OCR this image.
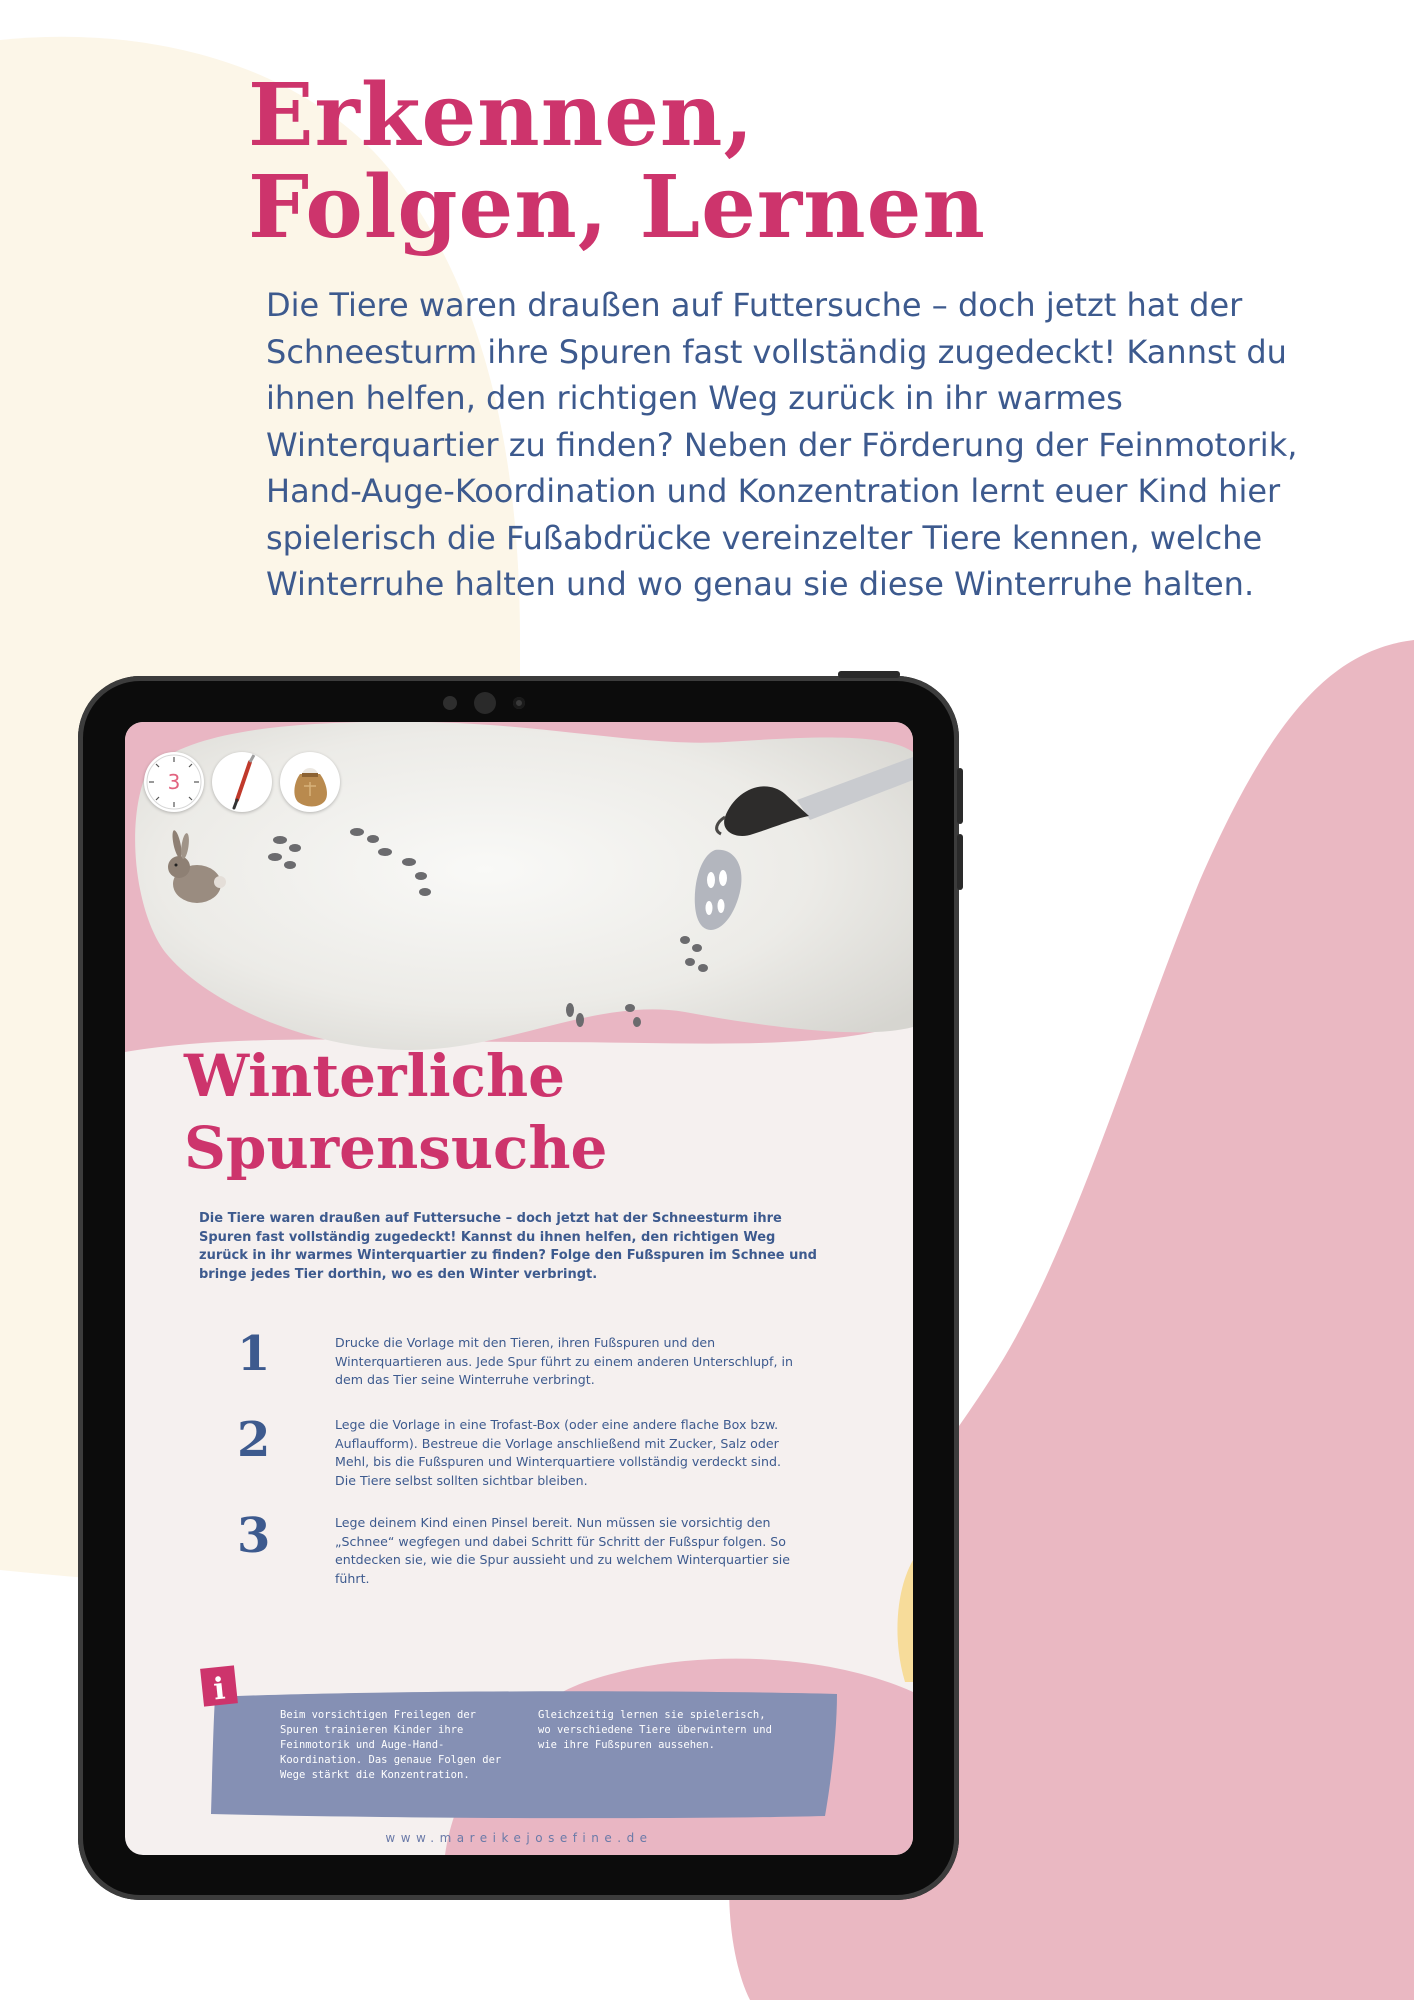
Erkennen,
Folgen, Lernen

Die Tiere waren draußen auf Futtersuche – doch jetzt hat der Schneesturm ihre Spuren fast vollständig zugedeckt! Kannst du ihnen helfen, den richtigen Weg zurück in ihr warmes Winterquartier zu finden? Neben der Förderung der Feinmotorik, Hand-Auge-Koordination und Konzentration lernt euer Kind hier spielerisch die Fußabdrücke vereinzelter Tiere kennen, welche Winterruhe halten und wo genau sie diese Winterruhe halten.

i
3
Winterliche
Spurensuche

Die Tiere waren draußen auf Futtersuche – doch jetzt hat der Schneesturm ihre Spuren fast vollständig zugedeckt! Kannst du ihnen helfen, den richtigen Weg zurück in ihr warmes Winterquartier zu finden? Folge den Fußspuren im Schnee und bringe jedes Tier dorthin, wo es den Winter verbringt.

1	Drucke die Vorlage mit den Tieren, ihren Fußspuren und den Winterquartieren aus. Jede Spur führt zu einem anderen Unterschlupf, in dem das Tier seine Winterruhe verbringt.

2	Lege die Vorlage in eine Trofast-Box (oder eine andere flache Box bzw. Auflaufform). Bestreue die Vorlage anschließend mit Zucker, Salz oder Mehl, bis die Fußspuren und Winterquartiere vollständig verdeckt sind. Die Tiere selbst sollten sichtbar bleiben.

3	Lege deinem Kind einen Pinsel bereit. Nun müssen sie vorsichtig den „Schnee“ wegfegen und dabei Schritt für Schritt der Fußspur folgen. So entdecken sie, wie die Spur aussieht und zu welchem Winterquartier sie führt.

Beim vorsichtigen Freilegen der Spuren trainieren Kinder ihre Feinmotorik und Auge-Hand-Koordination. Das genaue Folgen der Wege stärkt die Konzentration.

Gleichzeitig lernen sie spielerisch, wo verschiedene Tiere überwintern und wie ihre Fußspuren aussehen.

www.mareikejosefine.de
